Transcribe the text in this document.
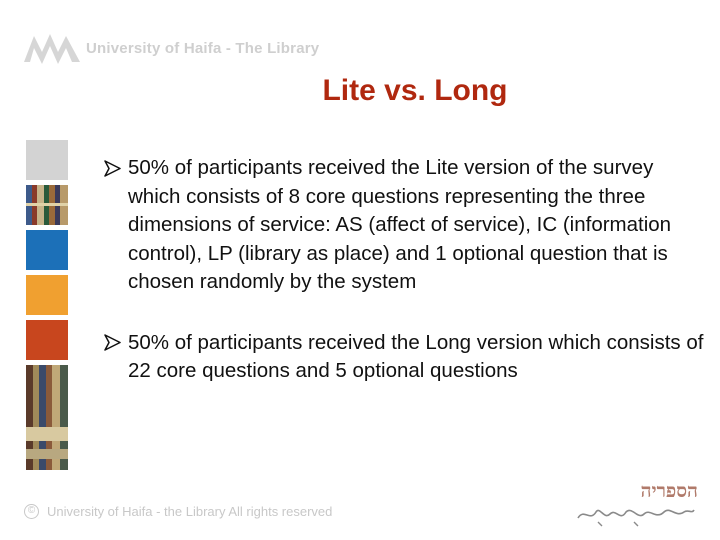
University of Haifa - The Library
Lite vs. Long
50% of participants received the Lite version of the survey which consists of 8 core questions representing the three dimensions of service: AS (affect of service), IC (information control), LP (library as place) and 1 optional question that is chosen randomly by the system
50% of participants received the Long version which consists of 22 core questions and 5 optional questions
© University of Haifa - the Library All rights reserved
הספריה
